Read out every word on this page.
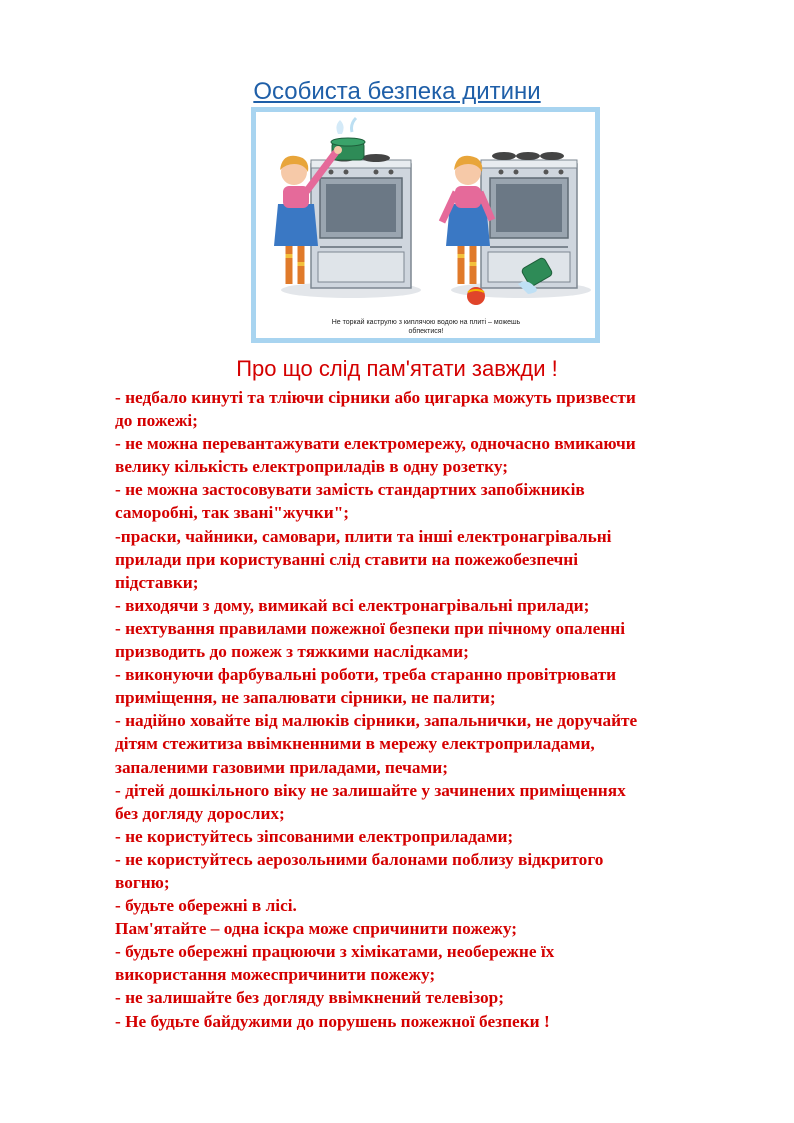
Особиста безпека дитини
Не торкай каструлю з киплячою водою на плиті – можешь обпектися!
Про що слід пам'ятати завжди !
- недбало кинуті та тліючи сірники або цигарка можуть призвести
до пожежі;
- не можна перевантажувати електромережу, одночасно вмикаючи
велику кількість електроприладів в одну розетку;
- не можна застосовувати замість стандартних запобіжників
саморобні, так звані"жучки";
-праски, чайники, самовари, плити та інші електронагрівальні
прилади при користуванні слід ставити на пожежобезпечні
підставки;
- виходячи з дому, вимикай всі електронагрівальні прилади;
- нехтування правилами пожежної безпеки при пічному опаленні
призводить до пожеж з тяжкими наслідками;
- виконуючи фарбувальні роботи, треба старанно провітрювати
приміщення, не запалювати сірники, не палити;
- надійно ховайте від малюків сірники, запальнички, не доручайте
дітям стежитиза ввімкненними в мережу електроприладами,
запаленими газовими приладами, печами;
- дітей дошкільного віку не залишайте у зачинених приміщеннях
без догляду дорослих;
- не користуйтесь зіпсованими електроприладами;
- не користуйтесь аерозольними балонами поблизу відкритого
вогню;
- будьте обережні в лісі.
Пам'ятайте – одна іскра може спричинити пожежу;
- будьте обережні працюючи з хімікатами, необережне їх
використання можеспричинити пожежу;
- не залишайте без догляду ввімкнений телевізор;
- Не будьте байдужими до порушень пожежної безпеки !
